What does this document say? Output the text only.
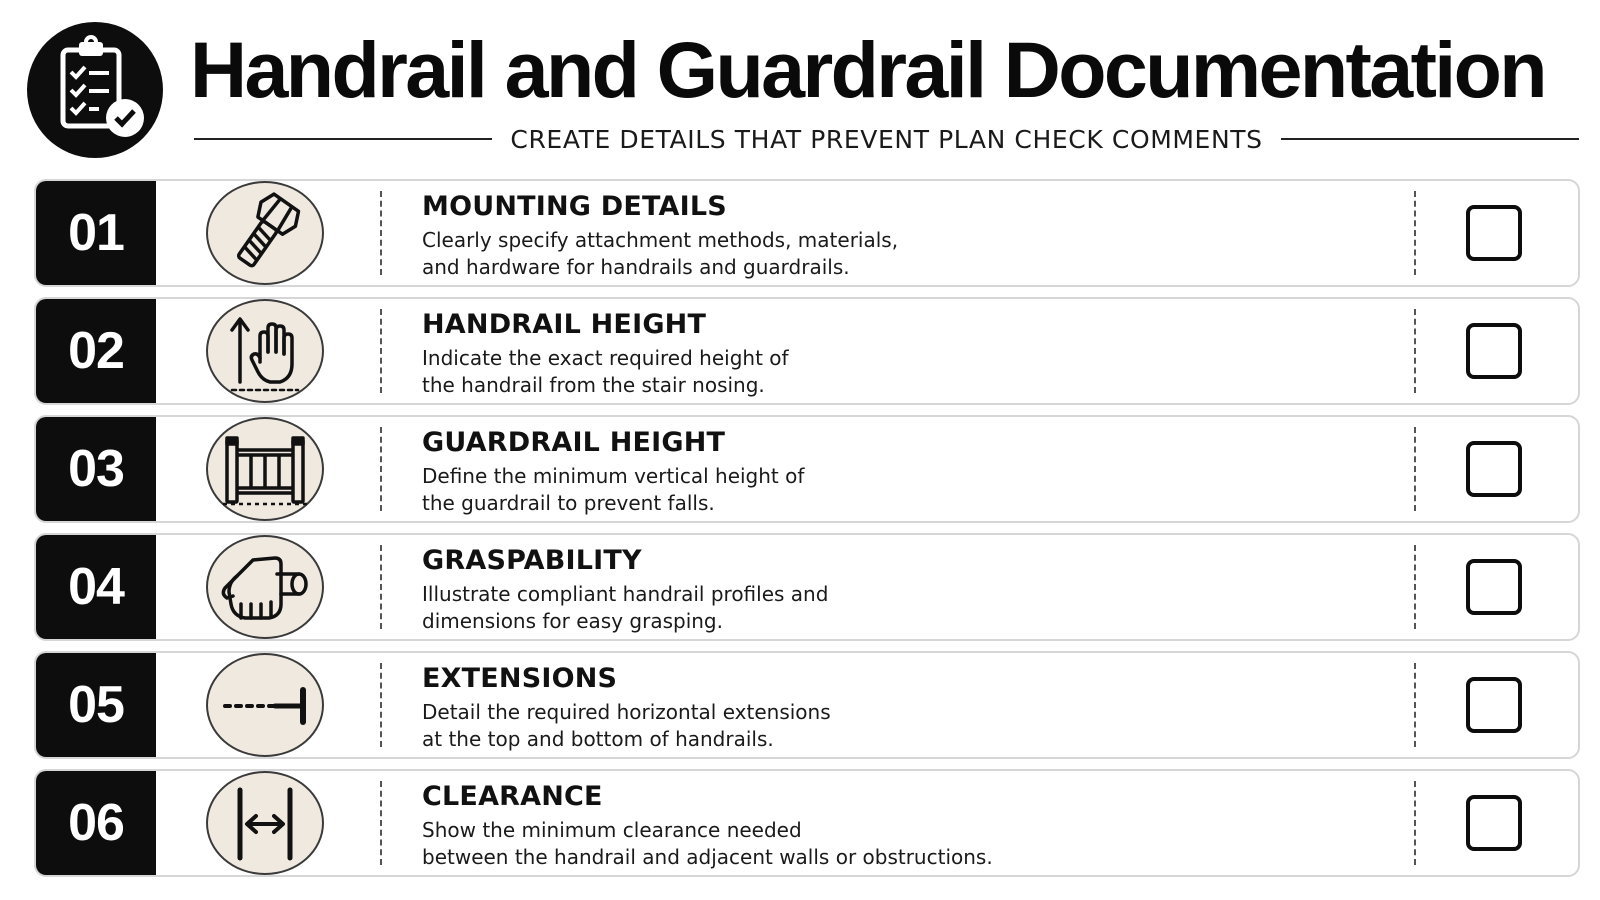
Handrail and Guardrail Documentation
CREATE DETAILS THAT PREVENT PLAN CHECK COMMENTS
01	MOUNTING DETAILS
Clearly specify attachment methods, materials,
and hardware for handrails and guardrails.
02	HANDRAIL HEIGHT
Indicate the exact required height of
the handrail from the stair nosing.
03	GUARDRAIL HEIGHT
Define the minimum vertical height of
the guardrail to prevent falls.
04	GRASPABILITY
Illustrate compliant handrail profiles and
dimensions for easy grasping.
05	EXTENSIONS
Detail the required horizontal extensions
at the top and bottom of handrails.
06	CLEARANCE
Show the minimum clearance needed
between the handrail and adjacent walls or obstructions.
